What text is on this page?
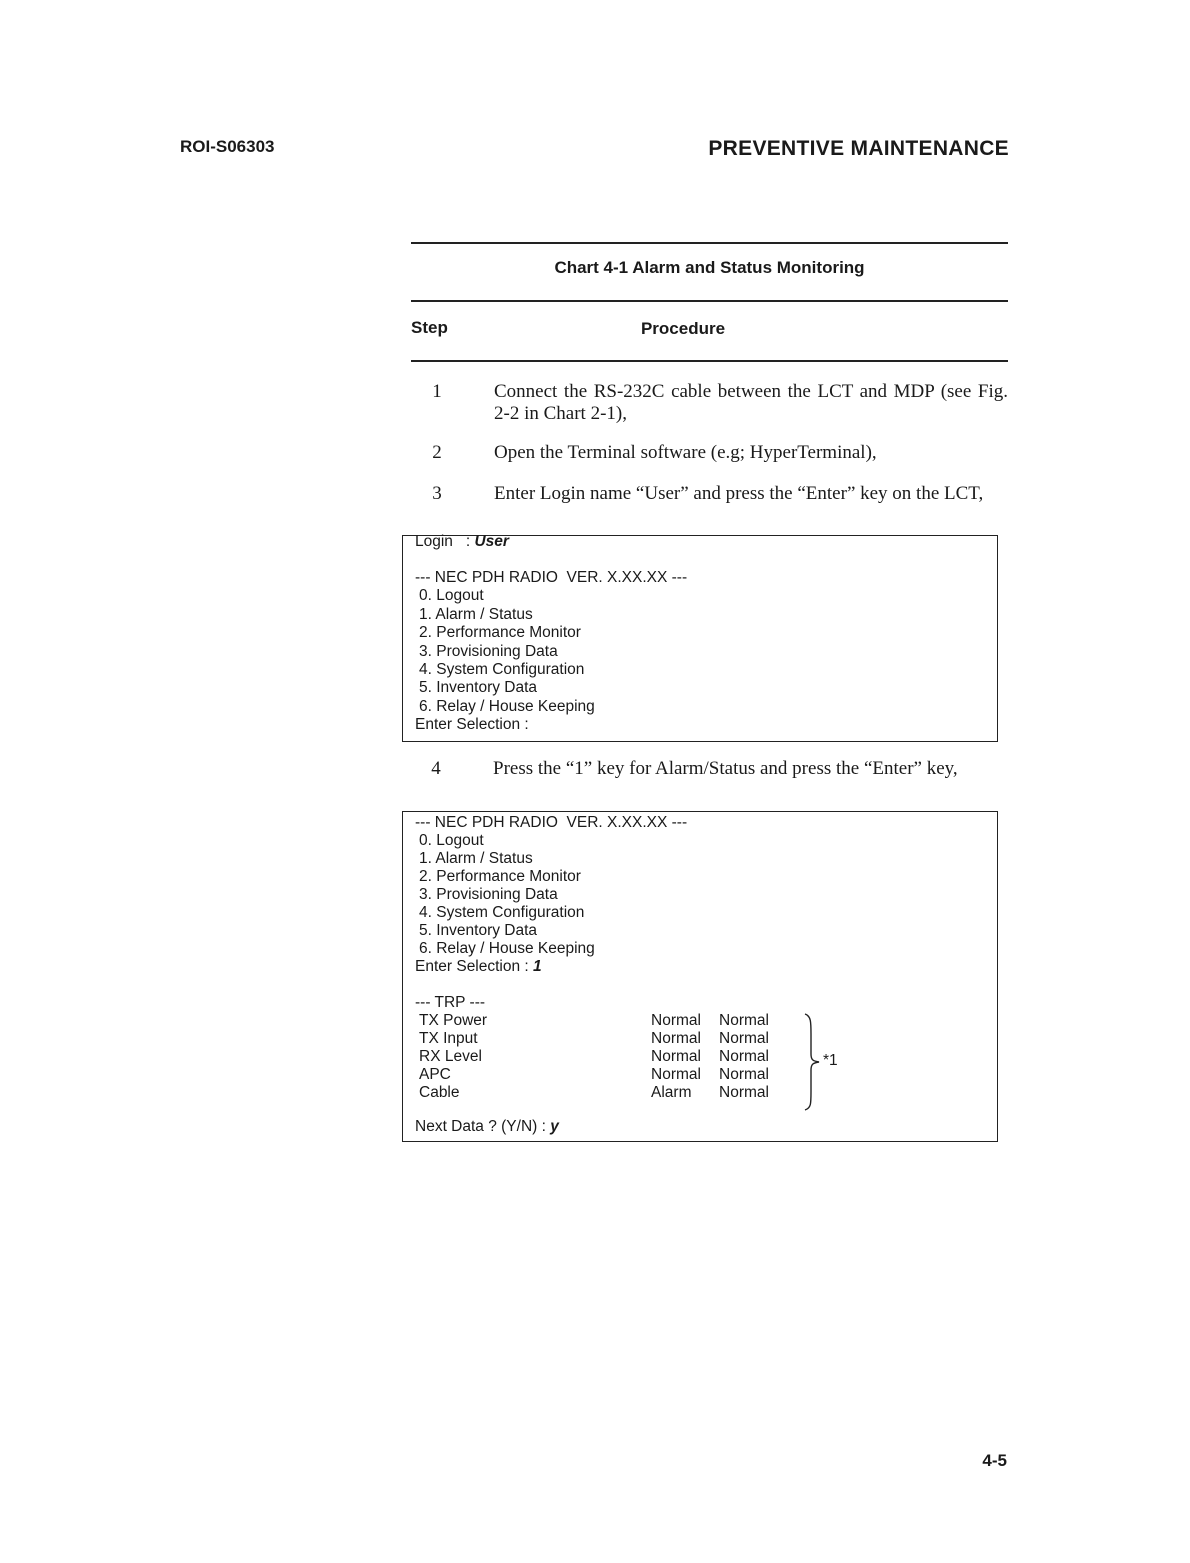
ROI-S06303	PREVENTIVE MAINTENANCE
Chart 4-1 Alarm and Status Monitoring
Step	Procedure
1	Connect the RS-232C cable between the LCT and MDP (see Fig. 2-2 in Chart 2-1),
2	Open the Terminal software (e.g; HyperTerminal),
3	Enter Login name “User” and press the “Enter” key on the LCT,
Login   : User
--- NEC PDH RADIO  VER. X.XX.XX ---
0. Logout
1. Alarm / Status
2. Performance Monitor
3. Provisioning Data
4. System Configuration
5. Inventory Data
6. Relay / House Keeping
Enter Selection :
4	Press the “1” key for Alarm/Status and press the “Enter” key,
--- NEC PDH RADIO  VER. X.XX.XX ---
0. Logout
1. Alarm / Status
2. Performance Monitor
3. Provisioning Data
4. System Configuration
5. Inventory Data
6. Relay / House Keeping
Enter Selection : 1
--- TRP ---
TX Power	Normal Normal
TX Input	Normal Normal
RX Level	Normal Normal
APC	Normal Normal
Cable	Alarm Normal
*1
Next Data ? (Y/N) : y
4-5
